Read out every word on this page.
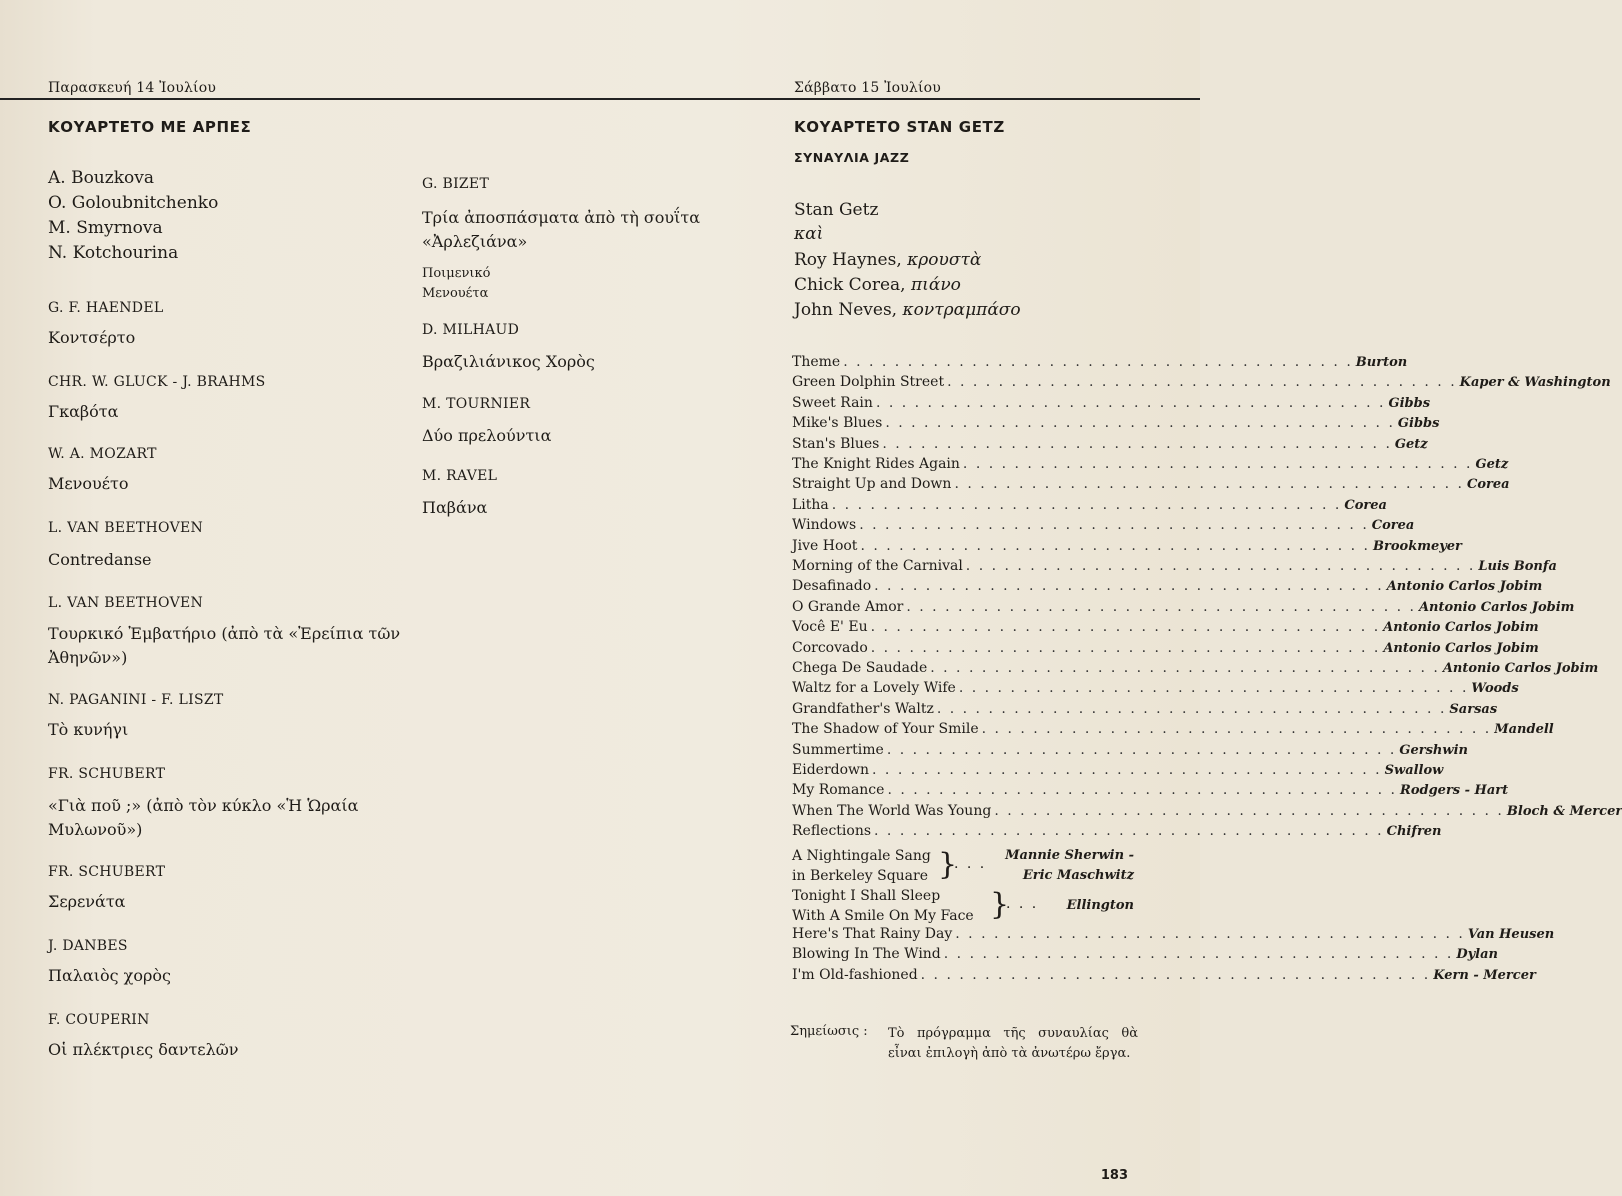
Παρασκευή 14 Ἰουλίου	Σάββατο 15 Ἰουλίου
ΚΟΥΑΡΤΕΤΟ ΜΕ ΑΡΠΕΣ
A. Bouzkova
O. Goloubnitchenko
M. Smyrnova
N. Kotchourina
G. F. HAENDEL
Κοντσέρτο
CHR. W. GLUCK - J. BRAHMS
Γκαβότα
W. A. MOZART
Μενουέτο
L. VAN BEETHOVEN
Contredanse
L. VAN BEETHOVEN
Τουρκικό Ἐμβατήριο (ἀπὸ τὰ «Ἐρείπια τῶν Ἀθηνῶν»)
N. PAGANINI - F. LISZT
Τὸ κυνήγι
FR. SCHUBERT
«Γιὰ ποῦ ;» (ἀπὸ τὸν κύκλο «Ἡ Ὡραία Μυλωνοῦ»)
FR. SCHUBERT
Σερενάτα
J. DANBES
Παλαιὸς χορὸς
F. COUPERIN
Οἱ πλέκτριες δαντελῶν
G. BIZET
Τρία ἀποσπάσματα ἀπὸ τὴ σουΐτα «Ἀρλεζιάνα»
Ποιμενικό
Μενουέτα
D. MILHAUD
Βραζιλιάνικος Χορὸς
M. TOURNIER
Δύο πρελούντια
M. RAVEL
Παβάνα
ΚΟΥΑΡΤΕΤΟ STAN GETZ
ΣΥΝΑΥΛΙΑ JAZZ
Stan Getz
καὶ
Roy Haynes, κρουστὰ
Chick Corea, πιάνο
John Neves, κοντραμπάσο
Theme . . . . . . . . . . . . . . . . . . . . . . . . . . . . . . . . . . . . . . . . Burton
Green Dolphin Street . . . . . . . . . . . . . . . . . . . . . . . . . . . . . . . . . . . . . . . . Kaper & Washington
Sweet Rain . . . . . . . . . . . . . . . . . . . . . . . . . . . . . . . . . . . . . . . . Gibbs
Mike's Blues . . . . . . . . . . . . . . . . . . . . . . . . . . . . . . . . . . . . . . . . Gibbs
Stan's Blues . . . . . . . . . . . . . . . . . . . . . . . . . . . . . . . . . . . . . . . . Getz
The Knight Rides Again . . . . . . . . . . . . . . . . . . . . . . . . . . . . . . . . . . . . . . . . Getz
Straight Up and Down . . . . . . . . . . . . . . . . . . . . . . . . . . . . . . . . . . . . . . . . Corea
Litha . . . . . . . . . . . . . . . . . . . . . . . . . . . . . . . . . . . . . . . . Corea
Windows . . . . . . . . . . . . . . . . . . . . . . . . . . . . . . . . . . . . . . . . Corea
Jive Hoot . . . . . . . . . . . . . . . . . . . . . . . . . . . . . . . . . . . . . . . . Brookmeyer
Morning of the Carnival . . . . . . . . . . . . . . . . . . . . . . . . . . . . . . . . . . . . . . . . Luis Bonfa
Desafinado . . . . . . . . . . . . . . . . . . . . . . . . . . . . . . . . . . . . . . . . Antonio Carlos Jobim
O Grande Amor . . . . . . . . . . . . . . . . . . . . . . . . . . . . . . . . . . . . . . . . Antonio Carlos Jobim
Você E' Eu . . . . . . . . . . . . . . . . . . . . . . . . . . . . . . . . . . . . . . . . Antonio Carlos Jobim
Corcovado . . . . . . . . . . . . . . . . . . . . . . . . . . . . . . . . . . . . . . . . Antonio Carlos Jobim
Chega De Saudade . . . . . . . . . . . . . . . . . . . . . . . . . . . . . . . . . . . . . . . . Antonio Carlos Jobim
Waltz for a Lovely Wife . . . . . . . . . . . . . . . . . . . . . . . . . . . . . . . . . . . . . . . . Woods
Grandfather's Waltz . . . . . . . . . . . . . . . . . . . . . . . . . . . . . . . . . . . . . . . . Sarsas
The Shadow of Your Smile . . . . . . . . . . . . . . . . . . . . . . . . . . . . . . . . . . . . . . . . Mandell
Summertime . . . . . . . . . . . . . . . . . . . . . . . . . . . . . . . . . . . . . . . . Gershwin
Eiderdown . . . . . . . . . . . . . . . . . . . . . . . . . . . . . . . . . . . . . . . . Swallow
My Romance . . . . . . . . . . . . . . . . . . . . . . . . . . . . . . . . . . . . . . . . Rodgers - Hart
When The World Was Young . . . . . . . . . . . . . . . . . . . . . . . . . . . . . . . . . . . . . . . . Bloch & Mercer
Reflections . . . . . . . . . . . . . . . . . . . . . . . . . . . . . . . . . . . . . . . . Chifren
A Nightingale Sang
in Berkeley Square }
. . .
Mannie Sherwin -
Eric Maschwitz
Tonight I Shall Sleep
With A Smile On My Face }
. . . Ellington
Here's That Rainy Day . . . . . . . . . . . . . . . . . . . . . . . . . . . . . . . . . . . . . . . . Van Heusen
Blowing In The Wind . . . . . . . . . . . . . . . . . . . . . . . . . . . . . . . . . . . . . . . . Dylan
I'm Old-fashioned . . . . . . . . . . . . . . . . . . . . . . . . . . . . . . . . . . . . . . . . Kern - Mercer
Σημείωσις : Τὸ πρόγραμμα τῆς συναυλίας θὰ εἶναι ἐπιλογὴ ἀπὸ τὰ ἀνωτέρω ἔργα.
183
